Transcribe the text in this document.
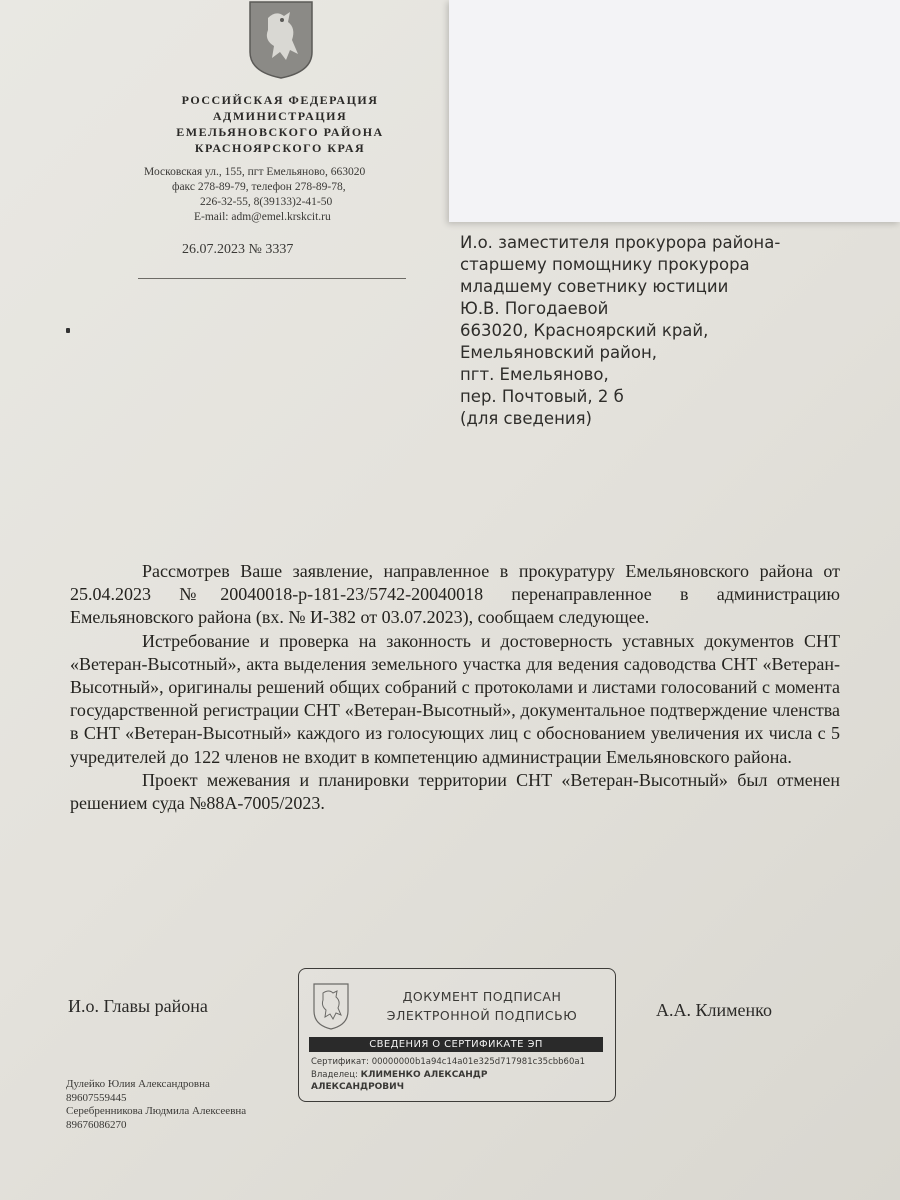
РОССИЙСКАЯ ФЕДЕРАЦИЯ
АДМИНИСТРАЦИЯ
ЕМЕЛЬЯНОВСКОГО РАЙОНА
КРАСНОЯРСКОГО КРАЯ
Московская ул., 155, пгт Емельяново, 663020
факс 278-89-79, телефон 278-89-78,
226-32-55, 8(39133)2-41-50
E-mail: adm@emel.krskcit.ru
26.07.2023 № 3337	И.о. заместителя прокурора района-
старшему помощнику прокурора
младшему советнику юстиции
Ю.В. Погодаевой
663020, Красноярский край,
Емельяновский район,
пгт. Емельяново,
пер. Почтовый, 2 б
(для сведения)

Рассмотрев Ваше заявление, направленное в прокуратуру Емельяновского района от 25.04.2023 №20040018-р-181-23/5742-20040018 перенаправленное в администрацию Емельяновского района (вх. № И-382 от 03.07.2023), сообщаем следующее.

Истребование и проверка на законность и достоверность уставных документов СНТ «Ветеран-Высотный», акта выделения земельного участка для ведения садоводства СНТ «Ветеран-Высотный», оригиналы решений общих собраний с протоколами и листами голосований с момента государственной регистрации СНТ «Ветеран-Высотный», документальное подтверждение членства в СНТ «Ветеран-Высотный» каждого из голосующих лиц с обоснованием увеличения их числа с 5 учредителей до 122 членов не входит в компетенцию администрации Емельяновского района.

Проект межевания и планировки территории СНТ «Ветеран-Высотный» был отменен решением суда №88А-7005/2023.

И.о. Главы района	А.А. Клименко
ДОКУМЕНТ ПОДПИСАН
ЭЛЕКТРОННОЙ ПОДПИСЬЮ
СВЕДЕНИЯ О СЕРТИФИКАТЕ ЭП
Сертификат: 00000000b1a94c14a01e325d717981c35cbb60a1
Владелец: КЛИМЕНКО АЛЕКСАНДР
АЛЕКСАНДРОВИЧ
Дулейко Юлия Александровна
89607559445
Серебренникова Людмила Алексеевна
89676086270
